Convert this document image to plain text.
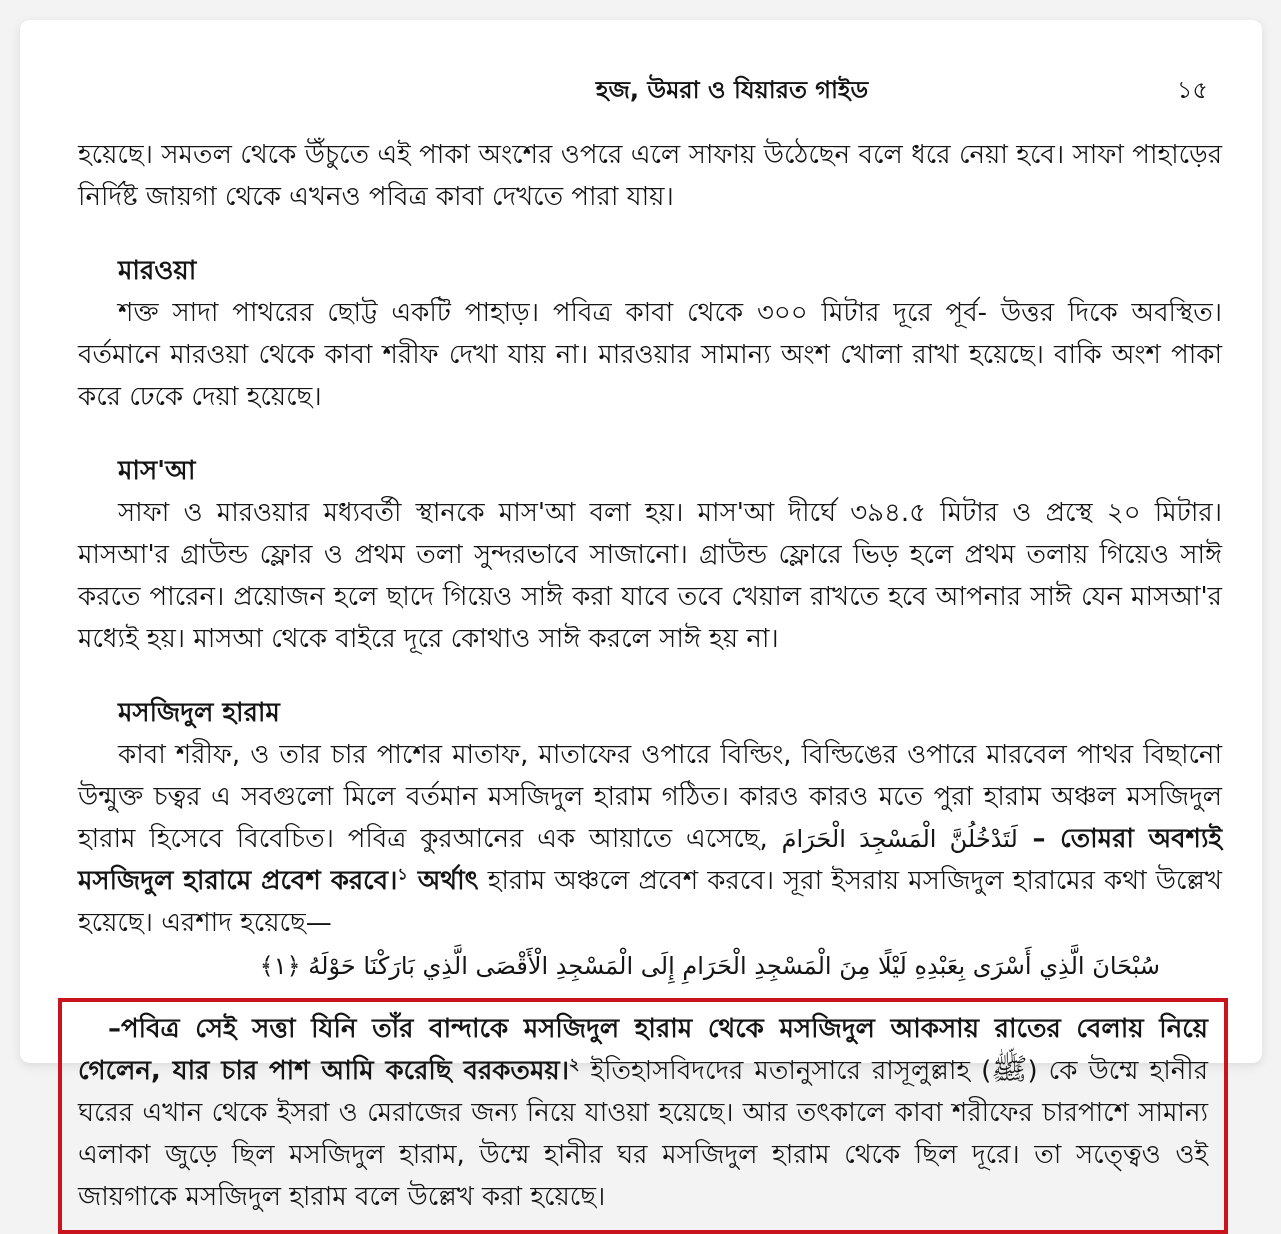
হজ, উমরা ও যিয়ারত গাইড	১৫

হয়েছে। সমতল থেকে উঁচুতে এই পাকা অংশের ওপরে এলে সাফায় উঠেছেন বলে ধরে নেয়া হবে। সাফা পাহাড়ের নির্দিষ্ট জায়গা থেকে এখনও পবিত্র কাবা দেখতে পারা যায়।

মারওয়া

শক্ত সাদা পাথরের ছোট্ট একটি পাহাড়। পবিত্র কাবা থেকে ৩০০ মিটার দূরে পূর্ব- উত্তর দিকে অবস্থিত। বর্তমানে মারওয়া থেকে কাবা শরীফ দেখা যায় না। মারওয়ার সামান্য অংশ খোলা রাখা হয়েছে। বাকি অংশ পাকা করে ঢেকে দেয়া হয়েছে।

মাস'আ

সাফা ও মারওয়ার মধ্যবর্তী স্থানকে মাস'আ বলা হয়। মাস'আ দীর্ঘে ৩৯৪.৫ মিটার ও প্রস্থে ২০ মিটার। মাসআ'র গ্রাউন্ড ফ্লোর ও প্রথম তলা সুন্দরভাবে সাজানো। গ্রাউন্ড ফ্লোরে ভিড় হলে প্রথম তলায় গিয়েও সাঈ করতে পারেন। প্রয়োজন হলে ছাদে গিয়েও সাঈ করা যাবে তবে খেয়াল রাখতে হবে আপনার সাঈ যেন মাসআ'র মধ্যেই হয়। মাসআ থেকে বাইরে দূরে কোথাও সাঈ করলে সাঈ হয় না।

মসজিদুল হারাম

কাবা শরীফ, ও তার চার পাশের মাতাফ, মাতাফের ওপারে বিল্ডিং, বিল্ডিঙের ওপারে মারবেল পাথর বিছানো উন্মুক্ত চত্বর এ সবগুলো মিলে বর্তমান মসজিদুল হারাম গঠিত। কারও কারও মতে পুরা হারাম অঞ্চল মসজিদুল হারাম হিসেবে বিবেচিত। পবিত্র কুরআনের এক আয়াতে এসেছে, لَتَدْخُلُنَّ الْمَسْجِدَ الْحَرَامَ – তোমরা অবশ্যই মসজিদুল হারামে প্রবেশ করবে।$^১$ অর্থাৎ হারাম অঞ্চলে প্রবেশ করবে। সূরা ইসরায় মসজিদুল হারামের কথা উল্লেখ হয়েছে। এরশাদ হয়েছে—

سُبْحَانَ الَّذِي أَسْرَى بِعَبْدِهِ لَيْلًا مِنَ الْمَسْجِدِ الْحَرَامِ إِلَى الْمَسْجِدِ الْأَقْصَى الَّذِي بَارَكْنَا حَوْلَهُ ﴿١﴾

–পবিত্র সেই সত্তা যিনি তাঁর বান্দাকে মসজিদুল হারাম থেকে মসজিদুল আকসায় রাতের বেলায় নিয়ে গেলেন, যার চার পাশ আমি করেছি বরকতময়।$^২$ ইতিহাসবিদদের মতানুসারে রাসূলুল্লাহ (ﷺ) কে উম্মে হানীর ঘরের এখান থেকে ইসরা ও মেরাজের জন্য নিয়ে যাওয়া হয়েছে। আর তৎকালে কাবা শরীফের চারপাশে সামান্য এলাকা জুড়ে ছিল মসজিদুল হারাম, উম্মে হানীর ঘর মসজিদুল হারাম থেকে ছিল দূরে। তা সত্ত্বেও ওই জায়গাকে মসজিদুল হারাম বলে উল্লেখ করা হয়েছে।
